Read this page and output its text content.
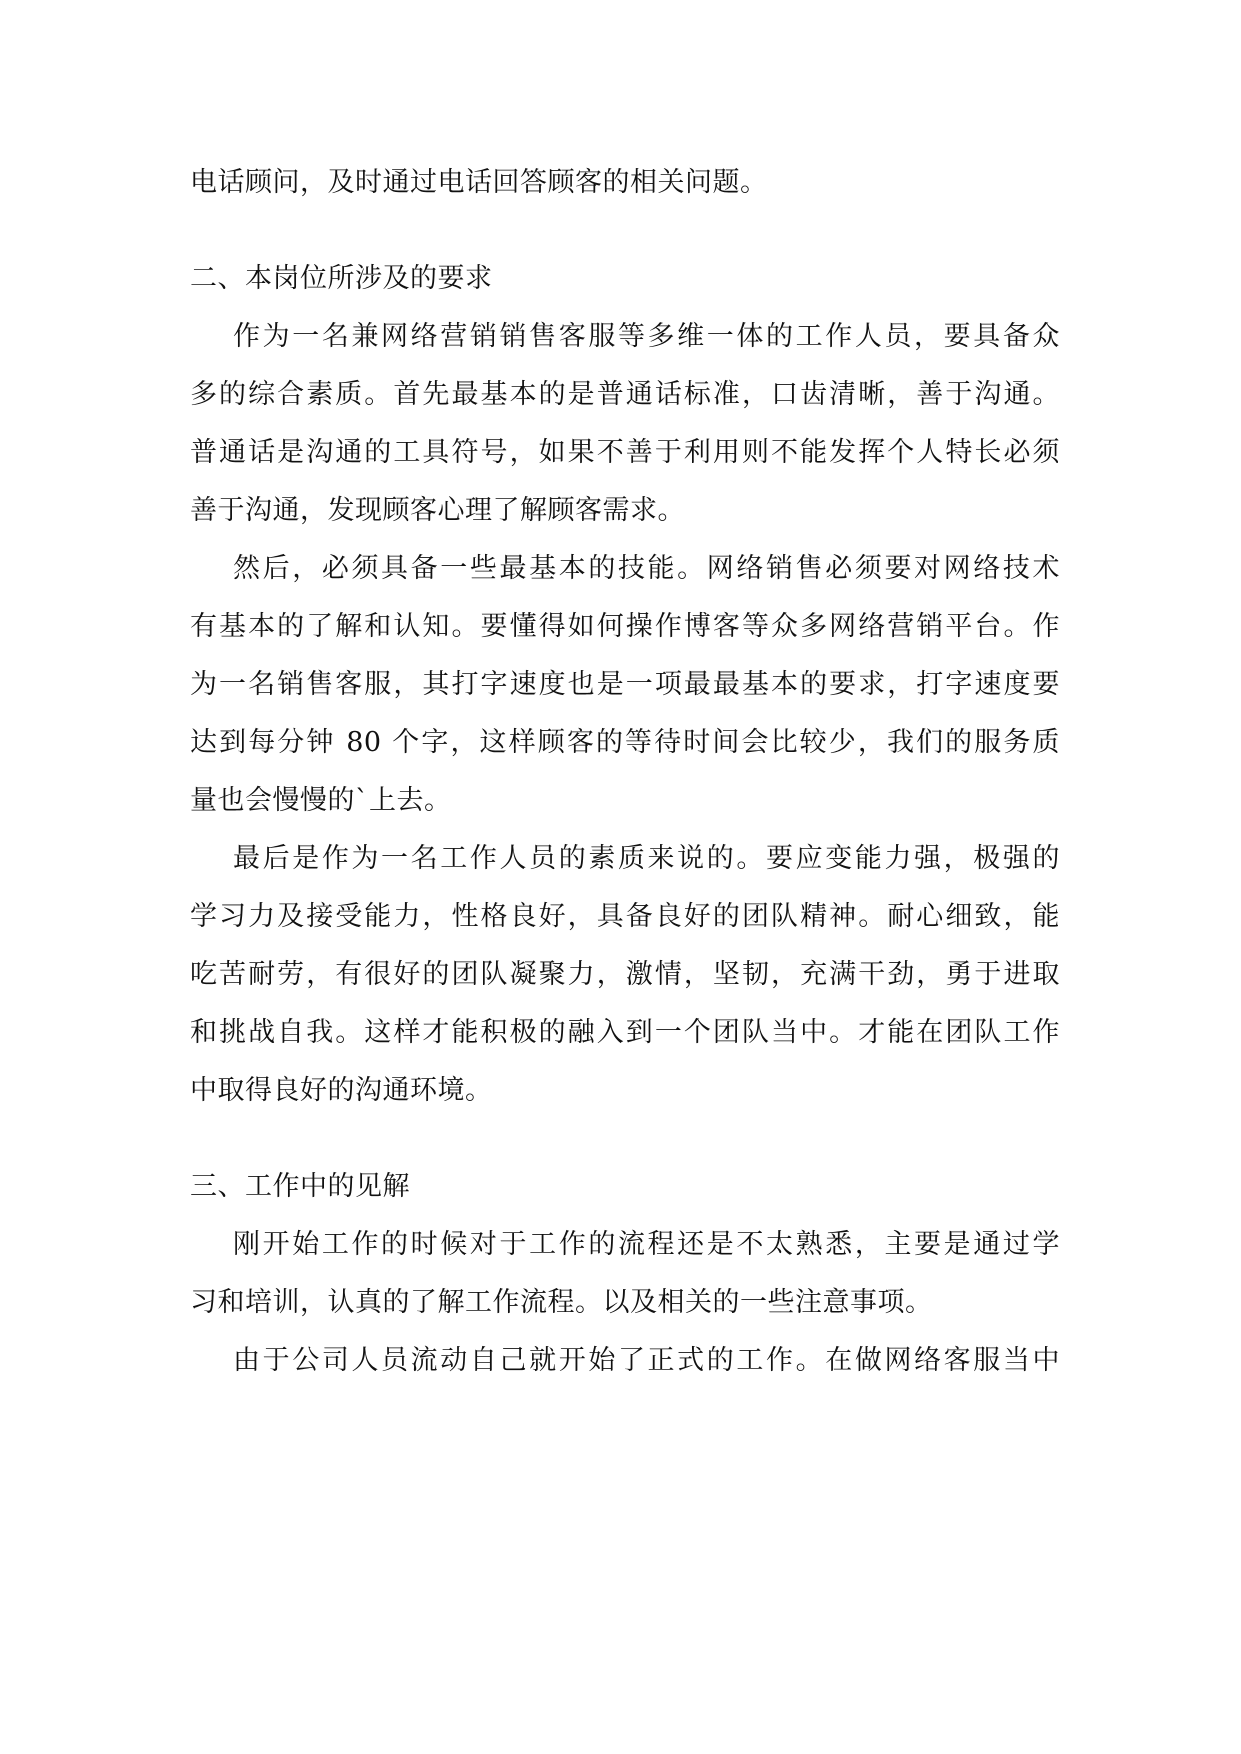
电话顾问，及时通过电话回答顾客的相关问题。
二、本岗位所涉及的要求
作为一名兼网络营销销售客服等多维一体的工作人员，要具备众
多的综合素质。首先最基本的是普通话标准，口齿清晰，善于沟通。
普通话是沟通的工具符号，如果不善于利用则不能发挥个人特长必须
善于沟通，发现顾客心理了解顾客需求。
然后，必须具备一些最基本的技能。网络销售必须要对网络技术
有基本的了解和认知。要懂得如何操作博客等众多网络营销平台。作
为一名销售客服，其打字速度也是一项最最基本的要求，打字速度要
达到每分钟 80 个字，这样顾客的等待时间会比较少，我们的服务质
量也会慢慢的`上去。
最后是作为一名工作人员的素质来说的。要应变能力强，极强的
学习力及接受能力，性格良好，具备良好的团队精神。耐心细致，能
吃苦耐劳，有很好的团队凝聚力，激情，坚韧，充满干劲，勇于进取
和挑战自我。这样才能积极的融入到一个团队当中。才能在团队工作
中取得良好的沟通环境。
三、工作中的见解
刚开始工作的时候对于工作的流程还是不太熟悉，主要是通过学
习和培训，认真的了解工作流程。以及相关的一些注意事项。
由于公司人员流动自己就开始了正式的工作。在做网络客服当中
